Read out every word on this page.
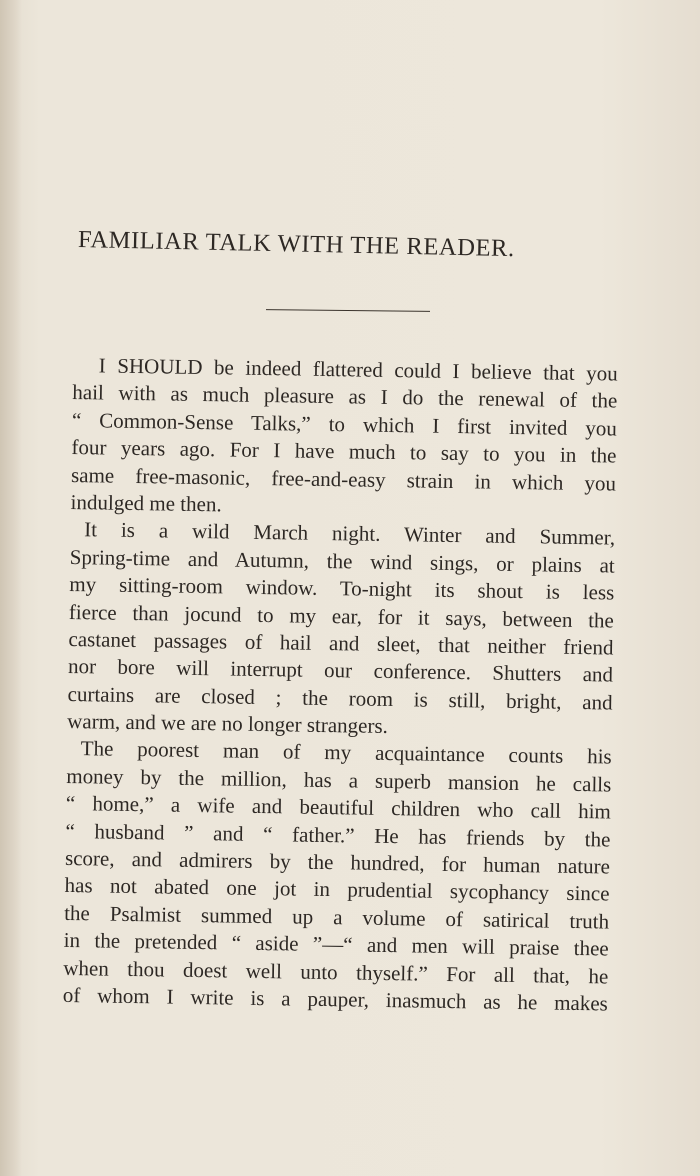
FAMILIAR TALK WITH THE READER.
I SHOULD be indeed flattered could I believe that you
hail with as much pleasure as I do the renewal of the
“ Common-Sense Talks,” to which I first invited you
four years ago. For I have much to say to you in the
same free-masonic, free-and-easy strain in which you
indulged me then.
It is a wild March night. Winter and Summer,
Spring-time and Autumn, the wind sings, or plains at
my sitting-room window. To-night its shout is less
fierce than jocund to my ear, for it says, between the
castanet passages of hail and sleet, that neither friend
nor bore will interrupt our conference. Shutters and
curtains are closed ; the room is still, bright, and
warm, and we are no longer strangers.
The poorest man of my acquaintance counts his
money by the million, has a superb mansion he calls
“ home,” a wife and beautiful children who call him
“ husband ” and “ father.” He has friends by the
score, and admirers by the hundred, for human nature
has not abated one jot in prudential sycophancy since
the Psalmist summed up a volume of satirical truth
in the pretended “ aside ”—“ and men will praise thee
when thou doest well unto thyself.” For all that, he
of whom I write is a pauper, inasmuch as he makes
